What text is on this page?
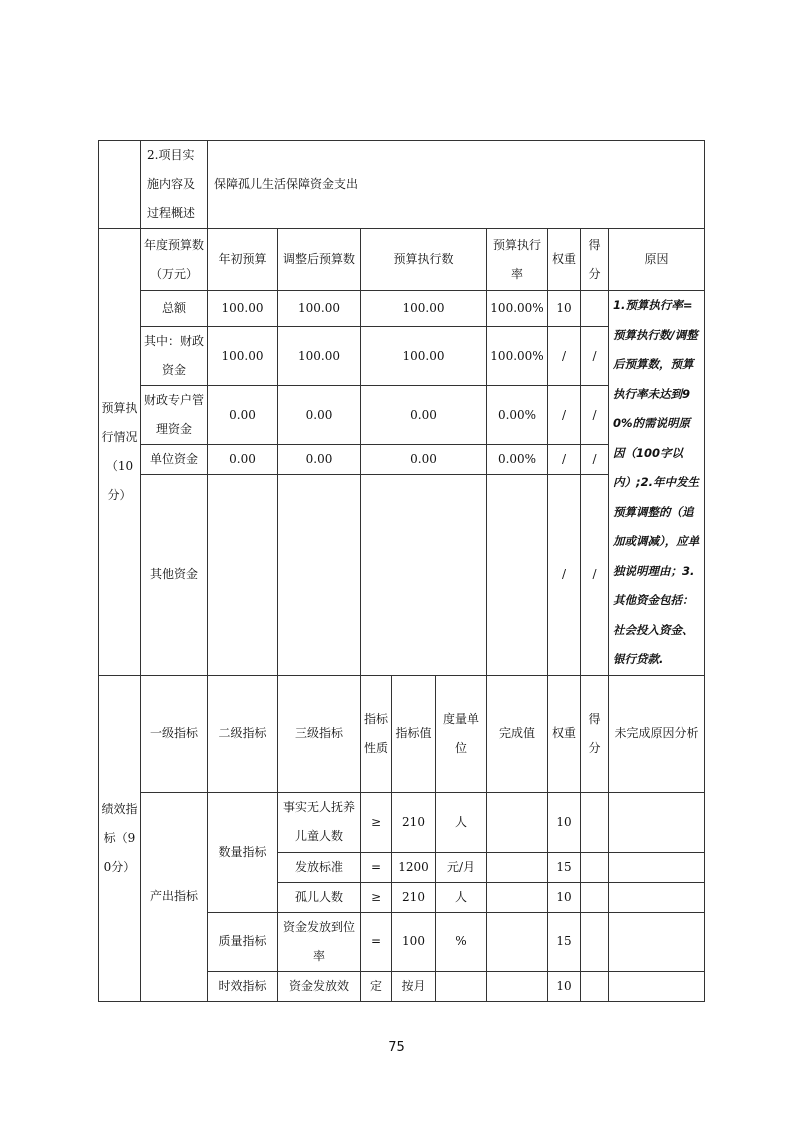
	2.项目实施内容及过程概述	保障孤儿生活保障资金支出								
预算执行情况（10分）	年度预算数（万元）	年初预算	调整后预算数	预算执行数			预算执行率	权重	得分	原因
	总额	100.00	100.00	100.00			100.00%	10		1.预算执行率=预算执行数/调整后预算数，预算执行率未达到90%的需说明原因（100字以内）;2.年中发生预算调整的（追加或调减），应单独说明理由；3.其他资金包括：社会投入资金、银行贷款.
	其中：财政资金	100.00	100.00	100.00			100.00%	/	/	
	财政专户管理资金	0.00	0.00	0.00			0.00%	/	/	
	单位资金	0.00	0.00	0.00			0.00%	/	/	
	其他资金							/	/	
绩效指标（90分）	一级指标	二级指标	三级指标	指标性质	指标值	度量单位	完成值	权重	得分	未完成原因分析
	产出指标	数量指标	事实无人抚养儿童人数	≥	210	人		10		
			发放标准	=	1200	元/月		15		
			孤儿人数	≥	210	人		10		
		质量指标	资金发放到位率	=	100	%		15		
		时效指标	资金发放效	定	按月			10		
75
